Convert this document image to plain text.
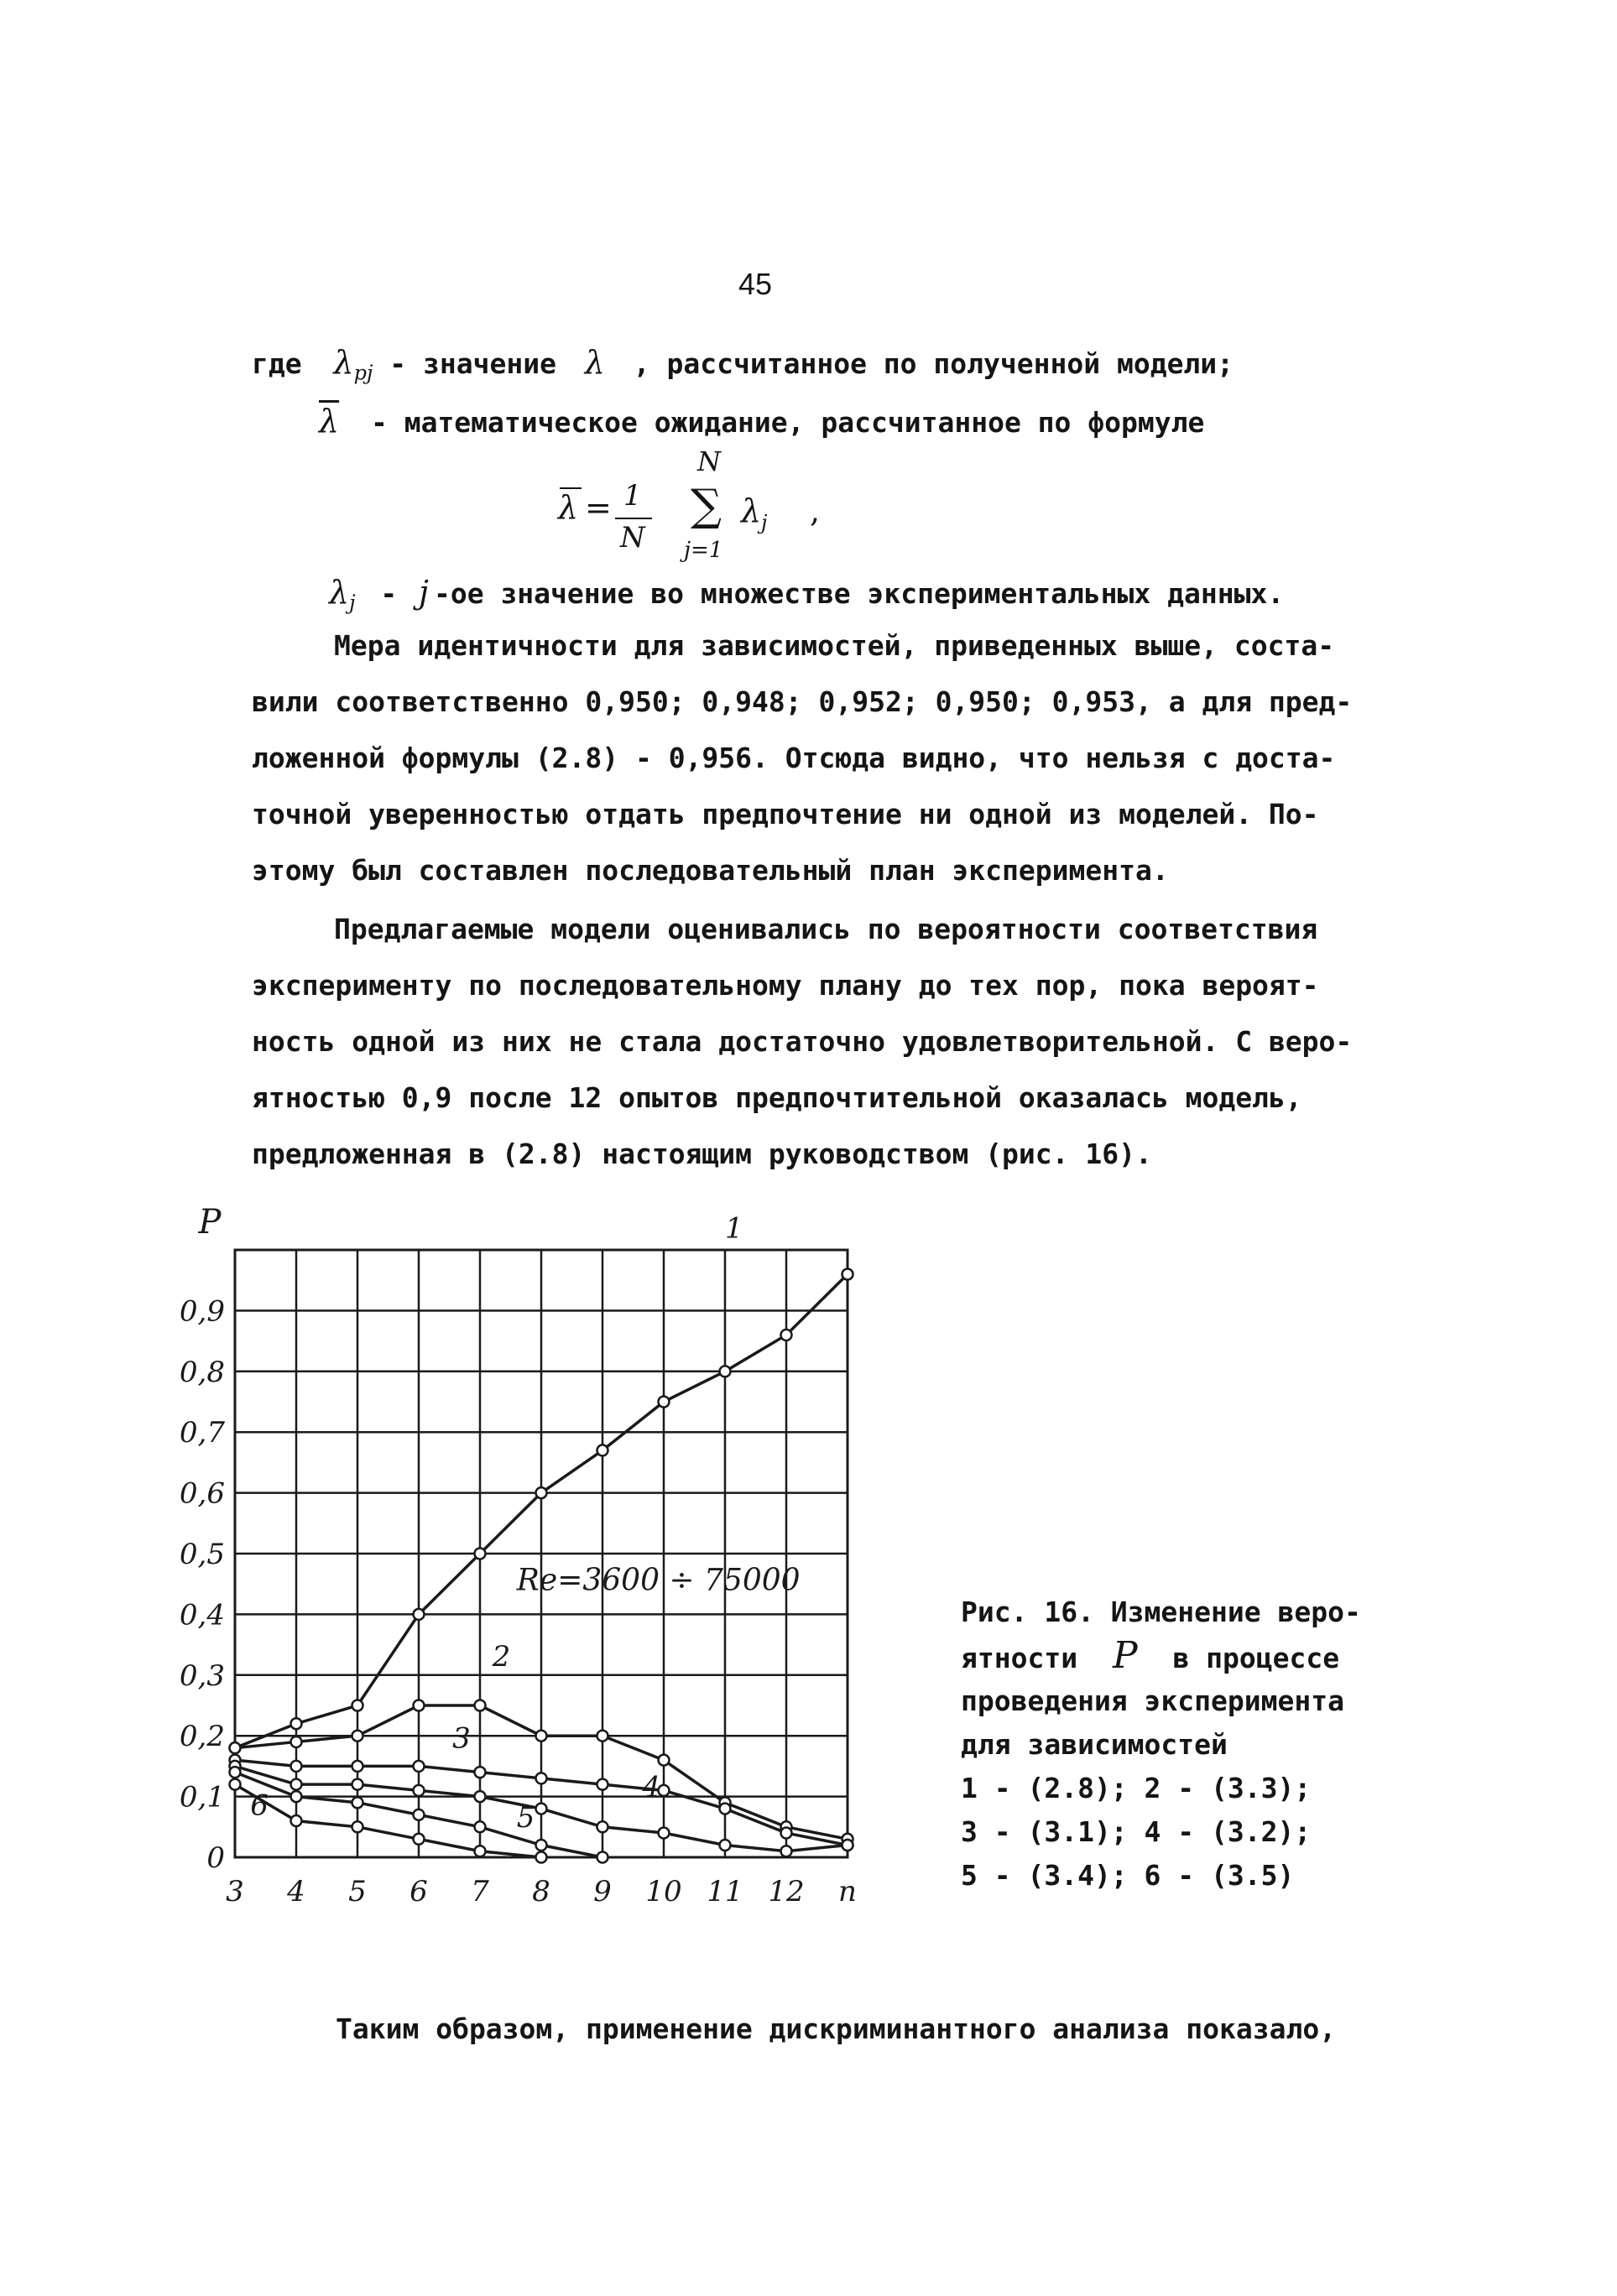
45
где $\lambda_{pj}$ - значение λ , рассчитанное по полученной модели;
$\overline{\lambda}$ - математическое ожидание, рассчитанное по формуле
λ = 1
N
N
∑
j=1
λ j ,
$\lambda_j$ - j -ое значение во множестве экспериментальных данных.
Мера идентичности для зависимостей, приведенных выше, соста-
вили соответственно 0,950; 0,948; 0,952; 0,950; 0,953, а для пред-
ложенной формулы (2.8) - 0,956. Отсюда видно, что нельзя с доста-
точной уверенностью отдать предпочтение ни одной из моделей. По-
этому был составлен последовательный план эксперимента.
Предлагаемые модели оценивались по вероятности соответствия
эксперименту по последовательному плану до тех пор, пока вероят-
ность одной из них не стала достаточно удовлетворительной. С веро-
ятностью 0,9 после 12 опытов предпочтительной оказалась модель,
предложенная в (2.8) настоящим руководством (рис. 16).
0
0,1
0,2
0,3
0,4
0,5
0,6
0,7
0,8
0,9
3 4 5 6 7 8 9 10 11 12 n
P	1
2
3
4
5
6
Re=3600 ÷ 75000
Рис. 16. Изменение веро-
ятности P в процессе
проведения эксперимента
для зависимостей
1 - (2.8); 2 - (3.3);
3 - (3.1); 4 - (3.2);
5 - (3.4); 6 - (3.5)
Таким образом, применение дискриминантного анализа показало,
